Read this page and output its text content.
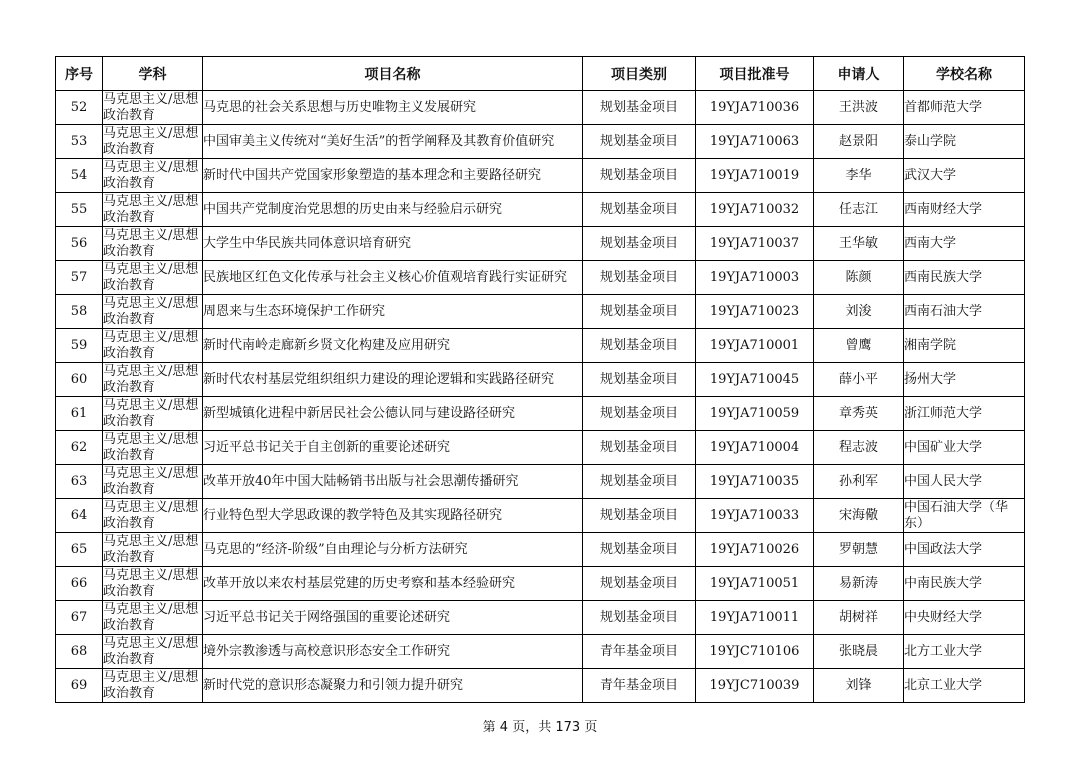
序号	学科	项目名称	项目类别	项目批准号	申请人	学校名称
52	马克思主义/思想政治教育	马克思的社会关系思想与历史唯物主义发展研究	规划基金项目	19YJA710036	王洪波	首都师范大学
53	马克思主义/思想政治教育	中国审美主义传统对“美好生活”的哲学阐释及其教育价值研究	规划基金项目	19YJA710063	赵景阳	泰山学院
54	马克思主义/思想政治教育	新时代中国共产党国家形象塑造的基本理念和主要路径研究	规划基金项目	19YJA710019	李华	武汉大学
55	马克思主义/思想政治教育	中国共产党制度治党思想的历史由来与经验启示研究	规划基金项目	19YJA710032	任志江	西南财经大学
56	马克思主义/思想政治教育	大学生中华民族共同体意识培育研究	规划基金项目	19YJA710037	王华敏	西南大学
57	马克思主义/思想政治教育	民族地区红色文化传承与社会主义核心价值观培育践行实证研究	规划基金项目	19YJA710003	陈颜	西南民族大学
58	马克思主义/思想政治教育	周恩来与生态环境保护工作研究	规划基金项目	19YJA710023	刘浚	西南石油大学
59	马克思主义/思想政治教育	新时代南岭走廊新乡贤文化构建及应用研究	规划基金项目	19YJA710001	曾鹰	湘南学院
60	马克思主义/思想政治教育	新时代农村基层党组织组织力建设的理论逻辑和实践路径研究	规划基金项目	19YJA710045	薛小平	扬州大学
61	马克思主义/思想政治教育	新型城镇化进程中新居民社会公德认同与建设路径研究	规划基金项目	19YJA710059	章秀英	浙江师范大学
62	马克思主义/思想政治教育	习近平总书记关于自主创新的重要论述研究	规划基金项目	19YJA710004	程志波	中国矿业大学
63	马克思主义/思想政治教育	改革开放40年中国大陆畅销书出版与社会思潮传播研究	规划基金项目	19YJA710035	孙利军	中国人民大学
64	马克思主义/思想政治教育	行业特色型大学思政课的教学特色及其实现路径研究	规划基金项目	19YJA710033	宋海儆	中国石油大学（华东）
65	马克思主义/思想政治教育	马克思的“经济-阶级”自由理论与分析方法研究	规划基金项目	19YJA710026	罗朝慧	中国政法大学
66	马克思主义/思想政治教育	改革开放以来农村基层党建的历史考察和基本经验研究	规划基金项目	19YJA710051	易新涛	中南民族大学
67	马克思主义/思想政治教育	习近平总书记关于网络强国的重要论述研究	规划基金项目	19YJA710011	胡树祥	中央财经大学
68	马克思主义/思想政治教育	境外宗教渗透与高校意识形态安全工作研究	青年基金项目	19YJC710106	张晓晨	北方工业大学
69	马克思主义/思想政治教育	新时代党的意识形态凝聚力和引领力提升研究	青年基金项目	19YJC710039	刘锋	北京工业大学
第 4 页，共 173 页
